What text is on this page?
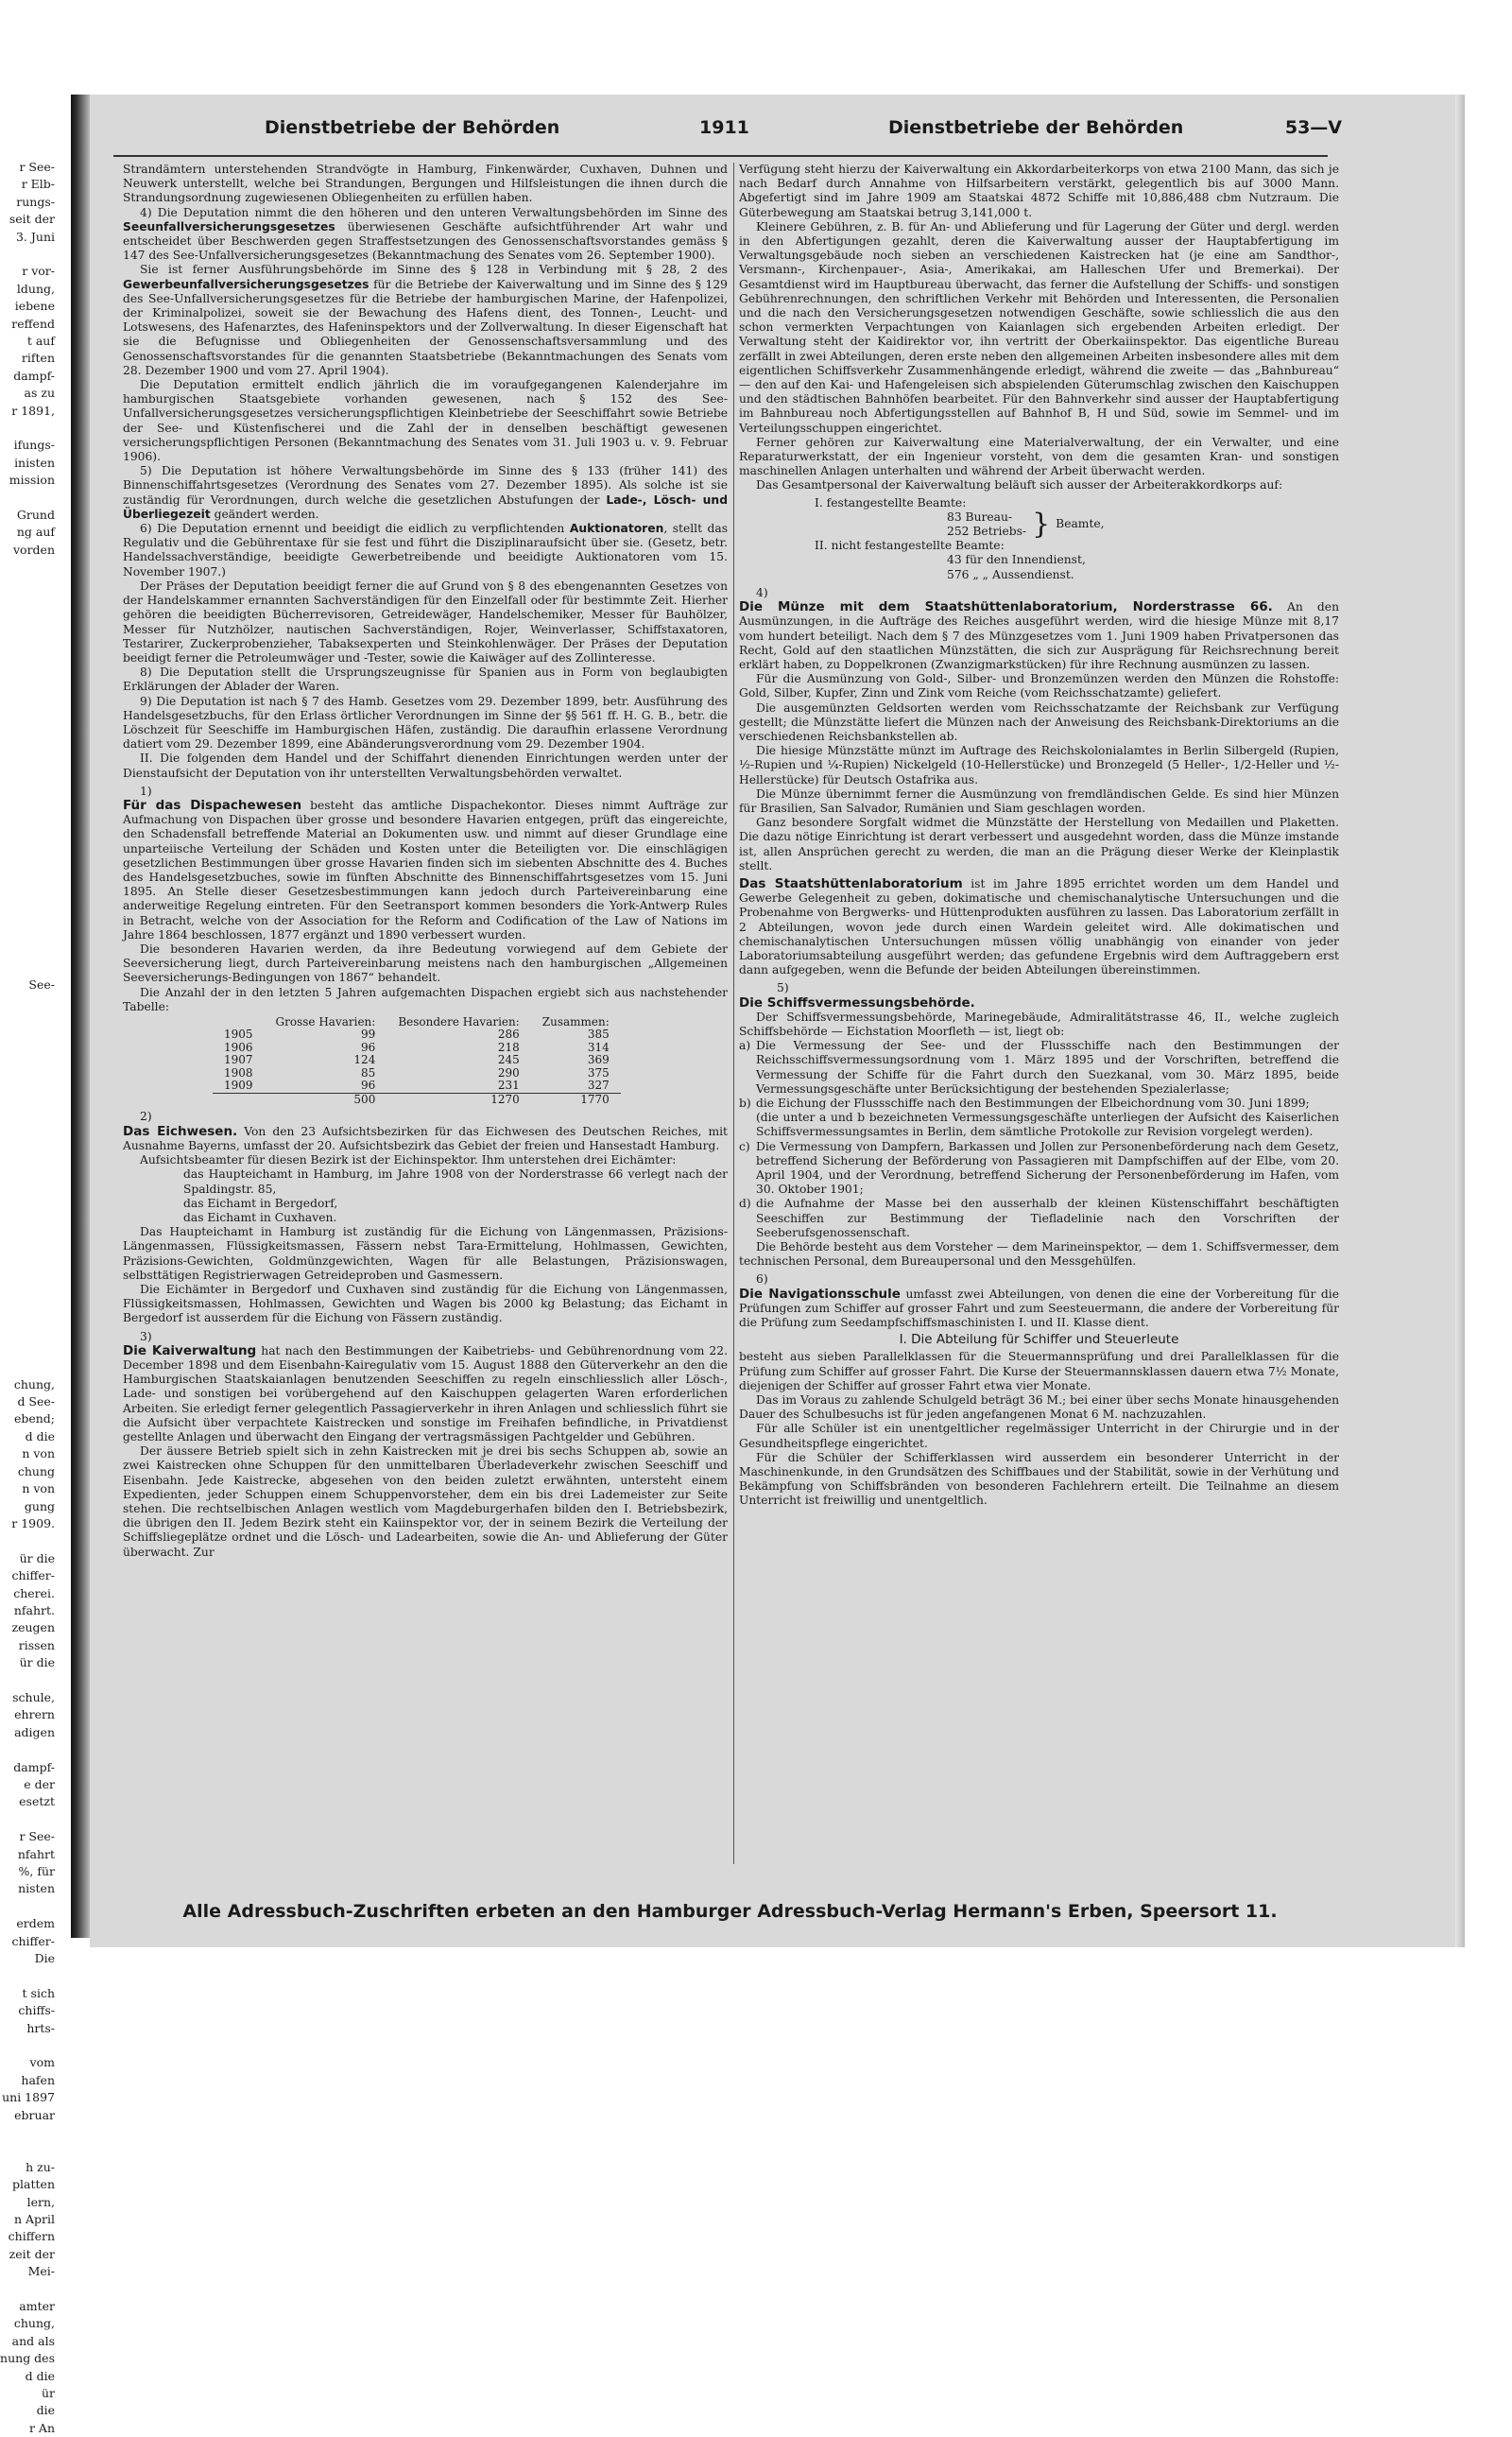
r See-
r Elb-
rungs-
seit der
3. Juni
r vor-
ldung,
iebene
reffend
t auf
riften
dampf-
as zu
r 1891,
ifungs-
inisten
mission
Grund
ng auf
vorden
See-
chung,
d See-
ebend;
d die
n von
chung
n von
gung
r 1909.
ür die
chiffer-
cherei.
nfahrt.
zeugen
rissen
ür die
schule,
ehrern
adigen
dampf-
e der
esetzt
r See-
nfahrt
%, für
nisten
erdem
chiffer-
Die
t sich
chiffs-
hrts-
vom
hafen
uni 1897
ebruar
h zu-
platten
lern,
n April
chiffern
zeit der
Mei-
amter
chung,
and als
nung des
d die
ür
die
r An
Dienstbetriebe der Behörden	1911	Dienstbetriebe der Behörden	53—V

Strandämtern unterstehenden Strandvögte in Hamburg, Finkenwärder, Cuxhaven, Duhnen und Neuwerk unterstellt, welche bei Strandungen, Bergungen und Hilfsleistungen die ihnen durch die Strandungsordnung zugewiesenen Obliegenheiten zu erfüllen haben.

4) Die Deputation nimmt die den höheren und den unteren Verwaltungsbehörden im Sinne des Seeunfallversicherungsgesetzes überwiesenen Geschäfte aufsichtführender Art wahr und entscheidet über Beschwerden gegen Straffestsetzungen des Genossenschaftsvorstandes gemäss § 147 des See-Unfallversicherungsgesetzes (Bekanntmachung des Senates vom 26. September 1900).

Sie ist ferner Ausführungsbehörde im Sinne des § 128 in Verbindung mit § 28, 2 des Gewerbeunfallversicherungsgesetzes für die Betriebe der Kaiverwaltung und im Sinne des § 129 des See-Unfallversicherungsgesetzes für die Betriebe der hamburgischen Marine, der Hafenpolizei, der Kriminalpolizei, soweit sie der Bewachung des Hafens dient, des Tonnen-, Leucht- und Lotswesens, des Hafenarztes, des Hafeninspektors und der Zollverwaltung. In dieser Eigenschaft hat sie die Befugnisse und Obliegenheiten der Genossenschaftsversammlung und des Genossenschaftsvorstandes für die genannten Staatsbetriebe (Bekanntmachungen des Senats vom 28. Dezember 1900 und vom 27. April 1904).

Die Deputation ermittelt endlich jährlich die im voraufgegangenen Kalenderjahre im hamburgischen Staatsgebiete vorhanden gewesenen, nach § 152 des See-Unfallversicherungsgesetzes versicherungspflichtigen Kleinbetriebe der Seeschiffahrt sowie Betriebe der See- und Küstenfischerei und die Zahl der in denselben beschäftigt gewesenen versicherungspflichtigen Personen (Bekanntmachung des Senates vom 31. Juli 1903 u. v. 9. Februar 1906).

5) Die Deputation ist höhere Verwaltungsbehörde im Sinne des § 133 (früher 141) des Binnenschiffahrtsgesetzes (Verordnung des Senates vom 27. Dezember 1895). Als solche ist sie zuständig für Verordnungen, durch welche die gesetzlichen Abstufungen der Lade-, Lösch- und Überliegezeit geändert werden.

6) Die Deputation ernennt und beeidigt die eidlich zu verpflichtenden Auktionatoren, stellt das Regulativ und die Gebührentaxe für sie fest und führt die Disziplinaraufsicht über sie. (Gesetz, betr. Handelssachverständige, beeidigte Gewerbetreibende und beeidigte Auktionatoren vom 15. November 1907.)

Der Präses der Deputation beeidigt ferner die auf Grund von § 8 des ebengenannten Gesetzes von der Handelskammer ernannten Sachverständigen für den Einzelfall oder für bestimmte Zeit. Hierher gehören die beeidigten Bücherrevisoren, Getreidewäger, Handelschemiker, Messer für Bauhölzer, Messer für Nutzhölzer, nautischen Sachverständigen, Rojer, Weinverlasser, Schiffstaxatoren, Testarirer, Zuckerprobenzieher, Tabaksexperten und Steinkohlenwäger. Der Präses der Deputation beeidigt ferner die Petroleumwäger und -Tester, sowie die Kaiwäger auf des Zollinteresse.

8) Die Deputation stellt die Ursprungszeugnisse für Spanien aus in Form von beglaubigten Erklärungen der Ablader der Waren.

9) Die Deputation ist nach § 7 des Hamb. Gesetzes vom 29. Dezember 1899, betr. Ausführung des Handelsgesetzbuchs, für den Erlass örtlicher Verordnungen im Sinne der §§ 561 ff. H. G. B., betr. die Löschzeit für Seeschiffe im Hamburgischen Häfen, zuständig. Die daraufhin erlassene Verordnung datiert vom 29. Dezember 1899, eine Abänderungsverordnung vom 29. Dezember 1904.

II. Die folgenden dem Handel und der Schiffahrt dienenden Einrichtungen werden unter der Dienstaufsicht der Deputation von ihr unterstellten Verwaltungsbehörden verwaltet.

1)

Für das Dispachewesen besteht das amtliche Dispachekontor. Dieses nimmt Aufträge zur Aufmachung von Dispachen über grosse und besondere Havarien entgegen, prüft das eingereichte, den Schadensfall betreffende Material an Dokumenten usw. und nimmt auf dieser Grundlage eine unparteiische Verteilung der Schäden und Kosten unter die Beteiligten vor. Die einschlägigen gesetzlichen Bestimmungen über grosse Havarien finden sich im siebenten Abschnitte des 4. Buches des Handelsgesetzbuches, sowie im fünften Abschnitte des Binnenschiffahrtsgesetzes vom 15. Juni 1895. An Stelle dieser Gesetzesbestimmungen kann jedoch durch Parteivereinbarung eine anderweitige Regelung eintreten. Für den Seetransport kommen besonders die York-Antwerp Rules in Betracht, welche von der Association for the Reform and Codification of the Law of Nations im Jahre 1864 beschlossen, 1877 ergänzt und 1890 verbessert wurden.

Die besonderen Havarien werden, da ihre Bedeutung vorwiegend auf dem Gebiete der Seeversicherung liegt, durch Parteivereinbarung meistens nach den hamburgischen „Allgemeinen Seeversicherungs-Bedingungen von 1867“ behandelt.

Die Anzahl der in den letzten 5 Jahren aufgemachten Dispachen ergiebt sich aus nachstehender Tabelle:

	Grosse Havarien:	Besondere Havarien:	Zusammen:
1905	99	286	385
1906	96	218	314
1907	124	245	369
1908	85	290	375
1909	96	231	327
	500	1270	1770

2)

Das Eichwesen. Von den 23 Aufsichtsbezirken für das Eichwesen des Deutschen Reiches, mit Ausnahme Bayerns, umfasst der 20. Aufsichtsbezirk das Gebiet der freien und Hansestadt Hamburg.

Aufsichtsbeamter für diesen Bezirk ist der Eichinspektor. Ihm unterstehen drei Eichämter:

das Haupteichamt in Hamburg, im Jahre 1908 von der Norderstrasse 66 verlegt nach der Spaldingstr. 85,

das Eichamt in Bergedorf,

das Eichamt in Cuxhaven.

Das Haupteichamt in Hamburg ist zuständig für die Eichung von Längenmassen, Präzisions-Längenmassen, Flüssigkeitsmassen, Fässern nebst Tara-Ermittelung, Hohlmassen, Gewichten, Präzisions-Gewichten, Goldmünzgewichten, Wagen für alle Belastungen, Präzisionswagen, selbsttätigen Registrierwagen Getreideproben und Gasmessern.

Die Eichämter in Bergedorf und Cuxhaven sind zuständig für die Eichung von Längenmassen, Flüssigkeitsmassen, Hohlmassen, Gewichten und Wagen bis 2000 kg Belastung; das Eichamt in Bergedorf ist ausserdem für die Eichung von Fässern zuständig.

3)

Die Kaiverwaltung hat nach den Bestimmungen der Kaibetriebs- und Gebührenordnung vom 22. December 1898 und dem Eisenbahn-Kairegulativ vom 15. August 1888 den Güterverkehr an den die Hamburgischen Staatskaianlagen benutzenden Seeschiffen zu regeln einschliesslich aller Lösch-, Lade- und sonstigen bei vorübergehend auf den Kaischuppen gelagerten Waren erforderlichen Arbeiten. Sie erledigt ferner gelegentlich Passagierverkehr in ihren Anlagen und schliesslich führt sie die Aufsicht über verpachtete Kaistrecken und sonstige im Freihafen befindliche, in Privatdienst gestellte Anlagen und überwacht den Eingang der vertragsmässigen Pachtgelder und Gebühren.

Der äussere Betrieb spielt sich in zehn Kaistrecken mit je drei bis sechs Schuppen ab, sowie an zwei Kaistrecken ohne Schuppen für den unmittelbaren Überladeverkehr zwischen Seeschiff und Eisenbahn. Jede Kaistrecke, abgesehen von den beiden zuletzt erwähnten, untersteht einem Expedienten, jeder Schuppen einem Schuppenvorsteher, dem ein bis drei Lademeister zur Seite stehen. Die rechtselbischen Anlagen westlich vom Magdeburgerhafen bilden den I. Betriebsbezirk, die übrigen den II. Jedem Bezirk steht ein Kaiinspektor vor, der in seinem Bezirk die Verteilung der Schiffsliegeplätze ordnet und die Lösch- und Ladearbeiten, sowie die An- und Ablieferung der Güter überwacht. Zur

Verfügung steht hierzu der Kaiverwaltung ein Akkordarbeiterkorps von etwa 2100 Mann, das sich je nach Bedarf durch Annahme von Hilfsarbeitern verstärkt, gelegentlich bis auf 3000 Mann. Abgefertigt sind im Jahre 1909 am Staatskai 4872 Schiffe mit 10,886,488 cbm Nutzraum. Die Güterbewegung am Staatskai betrug 3,141,000 t.

Kleinere Gebühren, z. B. für An- und Ablieferung und für Lagerung der Güter und dergl. werden in den Abfertigungen gezahlt, deren die Kaiverwaltung ausser der Hauptabfertigung im Verwaltungsgebäude noch sieben an verschiedenen Kaistrecken hat (je eine am Sandthor-, Versmann-, Kirchenpauer-, Asia-, Amerikakai, am Halleschen Ufer und Bremerkai). Der Gesamtdienst wird im Hauptbureau überwacht, das ferner die Aufstellung der Schiffs- und sonstigen Gebührenrechnungen, den schriftlichen Verkehr mit Behörden und Interessenten, die Personalien und die nach den Versicherungsgesetzen notwendigen Geschäfte, sowie schliesslich die aus den schon vermerkten Verpachtungen von Kaianlagen sich ergebenden Arbeiten erledigt. Der Verwaltung steht der Kaidirektor vor, ihn vertritt der Oberkaiinspektor. Das eigentliche Bureau zerfällt in zwei Abteilungen, deren erste neben den allgemeinen Arbeiten insbesondere alles mit dem eigentlichen Schiffsverkehr Zusammenhängende erledigt, während die zweite — das „Bahnbureau“ — den auf den Kai- und Hafengeleisen sich abspielenden Güterumschlag zwischen den Kaischuppen und den städtischen Bahnhöfen bearbeitet. Für den Bahnverkehr sind ausser der Hauptabfertigung im Bahnbureau noch Abfertigungsstellen auf Bahnhof B, H und Süd, sowie im Semmel- und im Verteilungsschuppen eingerichtet.

Ferner gehören zur Kaiverwaltung eine Materialverwaltung, der ein Verwalter, und eine Reparaturwerkstatt, der ein Ingenieur vorsteht, von dem die gesamten Kran- und sonstigen maschinellen Anlagen unterhalten und während der Arbeit überwacht werden.

Das Gesamtpersonal der Kaiverwaltung beläuft sich ausser der Arbeiterakkordkorps auf:

I. festangestellte Beamte:
83 Bureau-
252 Betriebs- } Beamte,
II. nicht festangestellte Beamte:
43 für den Innendienst,
576 „ „ Aussendienst.

4)

Die Münze mit dem Staatshüttenlaboratorium, Norderstrasse 66. An den Ausmünzungen, in die Aufträge des Reiches ausgeführt werden, wird die hiesige Münze mit 8,17 vom hundert beteiligt. Nach dem § 7 des Münzgesetzes vom 1. Juni 1909 haben Privatpersonen das Recht, Gold auf den staatlichen Münzstätten, die sich zur Ausprägung für Reichsrechnung bereit erklärt haben, zu Doppelkronen (Zwanzigmarkstücken) für ihre Rechnung ausmünzen zu lassen.

Für die Ausmünzung von Gold-, Silber- und Bronzemünzen werden den Münzen die Rohstoffe: Gold, Silber, Kupfer, Zinn und Zink vom Reiche (vom Reichsschatzamte) geliefert.

Die ausgemünzten Geldsorten werden vom Reichsschatzamte der Reichsbank zur Verfügung gestellt; die Münzstätte liefert die Münzen nach der Anweisung des Reichsbank-Direktoriums an die verschiedenen Reichsbankstellen ab.

Die hiesige Münzstätte münzt im Auftrage des Reichskolonialamtes in Berlin Silbergeld (Rupien, ½-Rupien und ¼-Rupien) Nickelgeld (10-Hellerstücke) und Bronzegeld (5 Heller-, 1/2-Heller und ½-Hellerstücke) für Deutsch Ostafrika aus.

Die Münze übernimmt ferner die Ausmünzung von fremdländischen Gelde. Es sind hier Münzen für Brasilien, San Salvador, Rumänien und Siam geschlagen worden.

Ganz besondere Sorgfalt widmet die Münzstätte der Herstellung von Medaillen und Plaketten. Die dazu nötige Einrichtung ist derart verbessert und ausgedehnt worden, dass die Münze imstande ist, allen Ansprüchen gerecht zu werden, die man an die Prägung dieser Werke der Kleinplastik stellt.

Das Staatshüttenlaboratorium ist im Jahre 1895 errichtet worden um dem Handel und Gewerbe Gelegenheit zu geben, dokimatische und chemischanalytische Untersuchungen und die Probenahme von Bergwerks- und Hüttenprodukten ausführen zu lassen. Das Laboratorium zerfällt in 2 Abteilungen, wovon jede durch einen Wardein geleitet wird. Alle dokimatischen und chemischanalytischen Untersuchungen müssen völlig unabhängig von einander von jeder Laboratoriumsabteilung ausgeführt werden; das gefundene Ergebnis wird dem Auftraggebern erst dann aufgegeben, wenn die Befunde der beiden Abteilungen übereinstimmen.

5)

Die Schiffsvermessungsbehörde.

Der Schiffsvermessungsbehörde, Marinegebäude, Admiralitätstrasse 46, II., welche zugleich Schiffsbehörde — Eichstation Moorfleth — ist, liegt ob:

a) Die Vermessung der See- und der Flussschiffe nach den Bestimmungen der Reichsschiffsvermessungsordnung vom 1. März 1895 und der Vorschriften, betreffend die Vermessung der Schiffe für die Fahrt durch den Suezkanal, vom 30. März 1895, beide Vermessungsgeschäfte unter Berücksichtigung der bestehenden Spezialerlasse;

b) die Eichung der Flussschiffe nach den Bestimmungen der Elbeichordnung vom 30. Juni 1899;

(die unter a und b bezeichneten Vermessungsgeschäfte unterliegen der Aufsicht des Kaiserlichen Schiffsvermessungsamtes in Berlin, dem sämtliche Protokolle zur Revision vorgelegt werden).

c) Die Vermessung von Dampfern, Barkassen und Jollen zur Personenbeförderung nach dem Gesetz, betreffend Sicherung der Beförderung von Passagieren mit Dampfschiffen auf der Elbe, vom 20. April 1904, und der Verordnung, betreffend Sicherung der Personenbeförderung im Hafen, vom 30. Oktober 1901;

d) die Aufnahme der Masse bei den ausserhalb der kleinen Küstenschiffahrt beschäftigten Seeschiffen zur Bestimmung der Tiefladelinie nach den Vorschriften der Seeberufsgenossenschaft.

Die Behörde besteht aus dem Vorsteher — dem Marineinspektor, — dem 1. Schiffsvermesser, dem technischen Personal, dem Bureaupersonal und den Messgehülfen.

6)

Die Navigationsschule umfasst zwei Abteilungen, von denen die eine der Vorbereitung für die Prüfungen zum Schiffer auf grosser Fahrt und zum Seesteuermann, die andere der Vorbereitung für die Prüfung zum Seedampfschiffsmaschinisten I. und II. Klasse dient.

I. Die Abteilung für Schiffer und Steuerleute

besteht aus sieben Parallelklassen für die Steuermannsprüfung und drei Parallelklassen für die Prüfung zum Schiffer auf grosser Fahrt. Die Kurse der Steuermannsklassen dauern etwa 7½ Monate, diejenigen der Schiffer auf grosser Fahrt etwa vier Monate.

Das im Voraus zu zahlende Schulgeld beträgt 36 M.; bei einer über sechs Monate hinausgehenden Dauer des Schulbesuchs ist für jeden angefangenen Monat 6 M. nachzuzahlen.

Für alle Schüler ist ein unentgeltlicher regelmässiger Unterricht in der Chirurgie und in der Gesundheitspflege eingerichtet.

Für die Schüler der Schifferklassen wird ausserdem ein besonderer Unterricht in der Maschinenkunde, in den Grundsätzen des Schiffbaues und der Stabilität, sowie in der Verhütung und Bekämpfung von Schiffsbränden von besonderen Fachlehrern erteilt. Die Teilnahme an diesem Unterricht ist freiwillig und unentgeltlich.

Alle Adressbuch-Zuschriften erbeten an den Hamburger Adressbuch-Verlag Hermann's Erben, Speersort 11.
